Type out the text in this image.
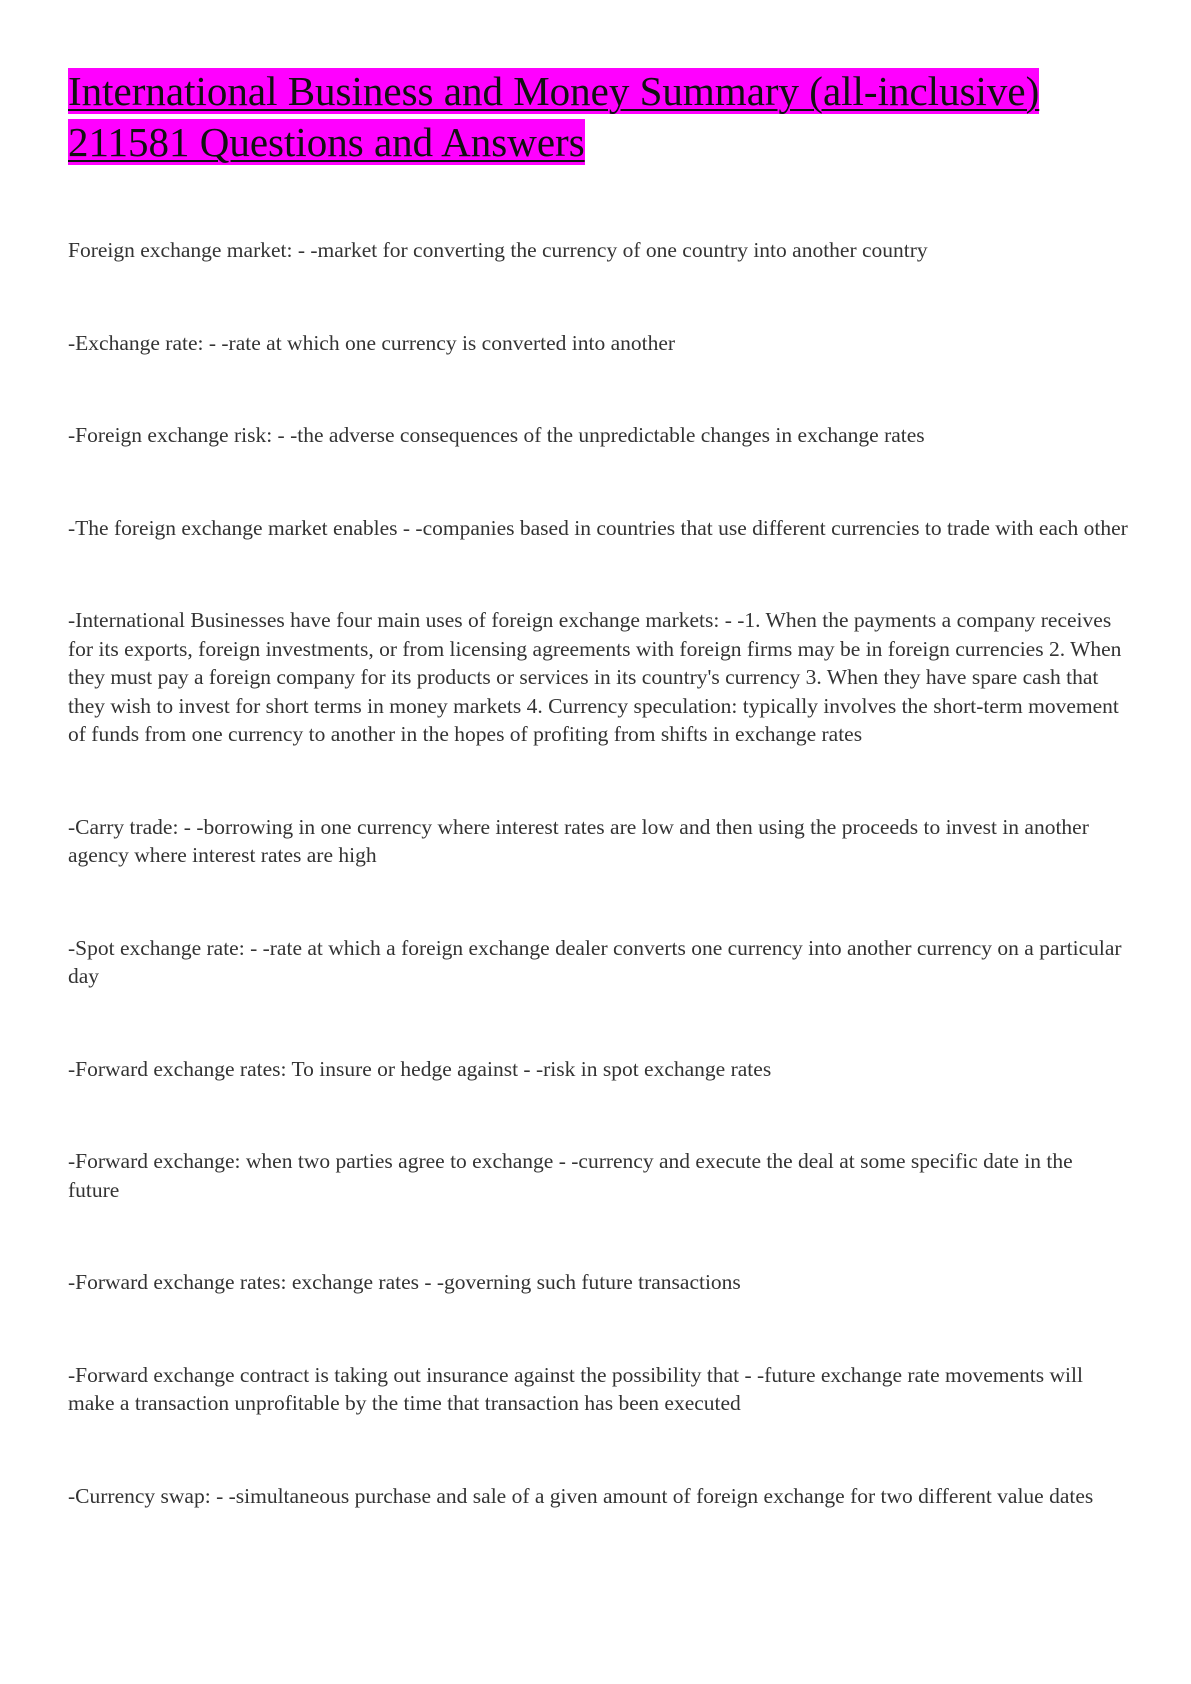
International Business and Money Summary (all-inclusive)
211581 Questions and Answers

Foreign exchange market: - -market for converting the currency of one country into another country

-Exchange rate: - -rate at which one currency is converted into another

-Foreign exchange risk: - -the adverse consequences of the unpredictable changes in exchange rates

-The foreign exchange market enables - -companies based in countries that use different currencies to trade with each other

-International Businesses have four main uses of foreign exchange markets: - -1. When the payments a company receives for its exports, foreign investments, or from licensing agreements with foreign firms may be in foreign currencies 2. When they must pay a foreign company for its products or services in its country's currency 3. When they have spare cash that they wish to invest for short terms in money markets 4. Currency speculation: typically involves the short-term movement of funds from one currency to another in the hopes of profiting from shifts in exchange rates

-Carry trade: - -borrowing in one currency where interest rates are low and then using the proceeds to invest in another agency where interest rates are high

-Spot exchange rate: - -rate at which a foreign exchange dealer converts one currency into another currency on a particular day

-Forward exchange rates: To insure or hedge against - -risk in spot exchange rates

-Forward exchange: when two parties agree to exchange - -currency and execute the deal at some specific date in the future

-Forward exchange rates: exchange rates - -governing such future transactions

-Forward exchange contract is taking out insurance against the possibility that - -future exchange rate movements will make a transaction unprofitable by the time that transaction has been executed

-Currency swap: - -simultaneous purchase and sale of a given amount of foreign exchange for two different value dates
